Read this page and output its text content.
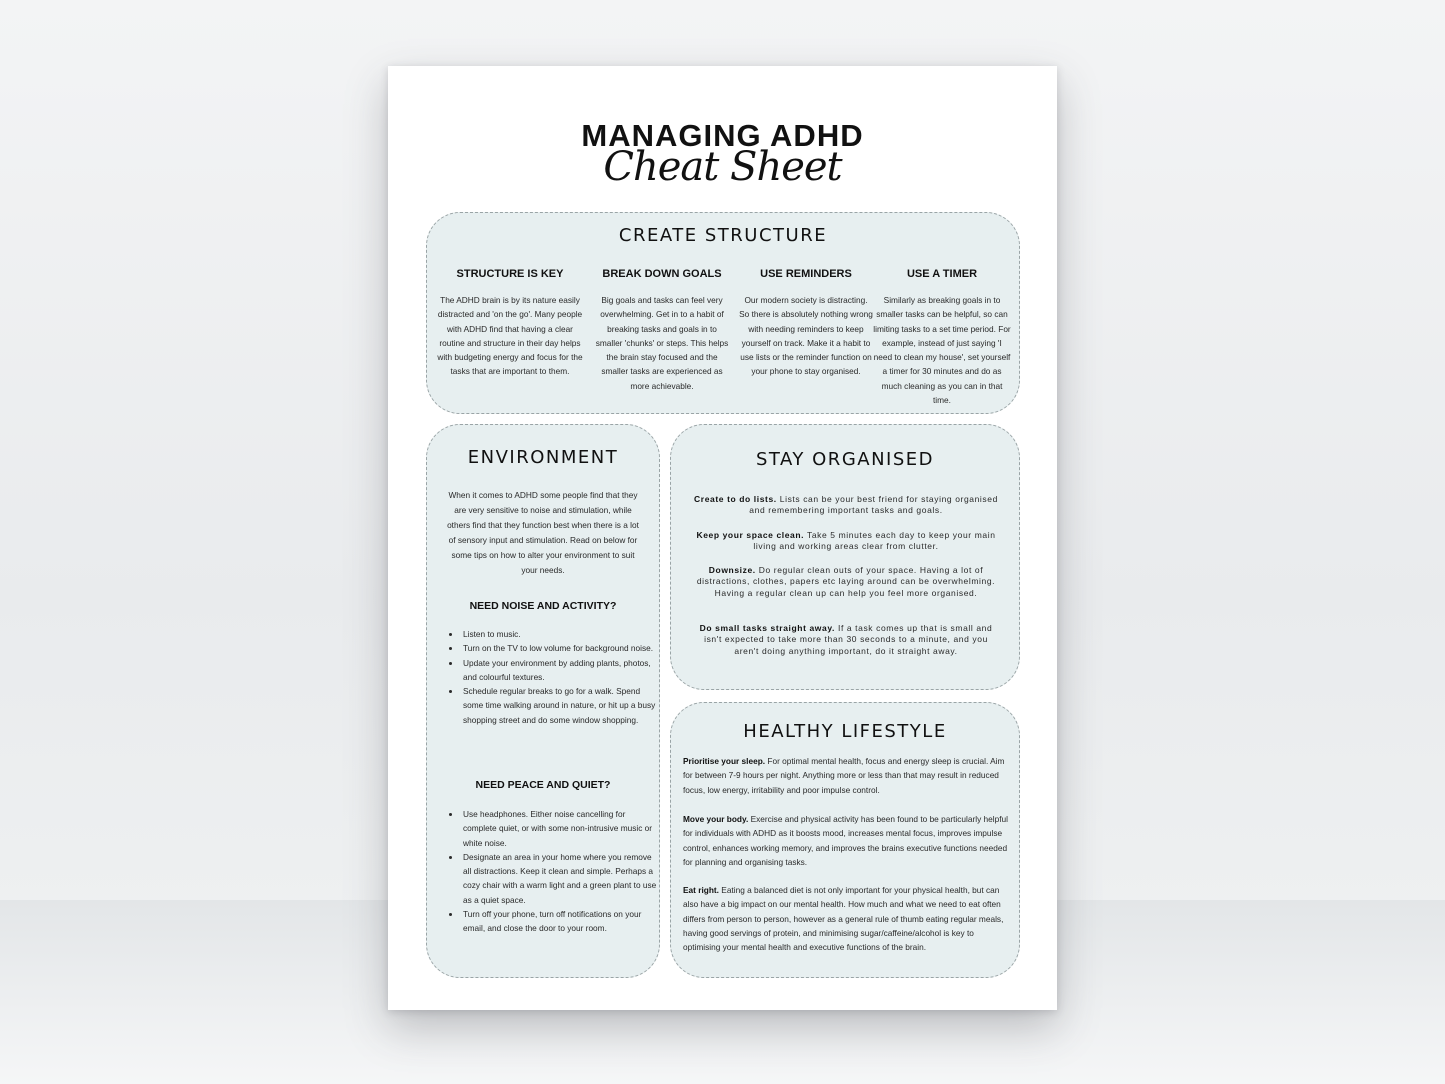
MANAGING ADHD
Cheat Sheet
CREATE STRUCTURE
STRUCTURE IS KEY
The ADHD brain is by its nature easily distracted and 'on the go'. Many people with ADHD find that having a clear routine and structure in their day helps with budgeting energy and focus for the tasks that are important to them.
BREAK DOWN GOALS
Big goals and tasks can feel very overwhelming. Get in to a habit of breaking tasks and goals in to smaller 'chunks' or steps. This helps the brain stay focused and the smaller tasks are experienced as more achievable.
USE REMINDERS
Our modern society is distracting. So there is absolutely nothing wrong with needing reminders to keep yourself on track. Make it a habit to use lists or the reminder function on your phone to stay organised.
USE A TIMER
Similarly as breaking goals in to smaller tasks can be helpful, so can limiting tasks to a set time period. For example, instead of just saying 'I need to clean my house', set yourself a timer for 30 minutes and do as much cleaning as you can in that time.
ENVIRONMENT
When it comes to ADHD some people find that they are very sensitive to noise and stimulation, while others find that they function best when there is a lot of sensory input and stimulation. Read on below for some tips on how to alter your environment to suit your needs.
NEED NOISE AND ACTIVITY?
• Listen to music.
• Turn on the TV to low volume for background noise.
• Update your environment by adding plants, photos, and colourful textures.
• Schedule regular breaks to go for a walk. Spend some time walking around in nature, or hit up a busy shopping street and do some window shopping.
NEED PEACE AND QUIET?
• Use headphones. Either noise cancelling for complete quiet, or with some non-intrusive music or white noise.
• Designate an area in your home where you remove all distractions. Keep it clean and simple. Perhaps a cozy chair with a warm light and a green plant to use as a quiet space.
• Turn off your phone, turn off notifications on your email, and close the door to your room.
STAY ORGANISED
Create to do lists. Lists can be your best friend for staying organised and remembering important tasks and goals.
Keep your space clean. Take 5 minutes each day to keep your main living and working areas clear from clutter.
Downsize. Do regular clean outs of your space. Having a lot of distractions, clothes, papers etc laying around can be overwhelming. Having a regular clean up can help you feel more organised.
Do small tasks straight away. If a task comes up that is small and isn't expected to take more than 30 seconds to a minute, and you aren't doing anything important, do it straight away.
HEALTHY LIFESTYLE
Prioritise your sleep. For optimal mental health, focus and energy sleep is crucial. Aim for between 7-9 hours per night. Anything more or less than that may result in reduced focus, low energy, irritability and poor impulse control.
Move your body. Exercise and physical activity has been found to be particularly helpful for individuals with ADHD as it boosts mood, increases mental focus, improves impulse control, enhances working memory, and improves the brains executive functions needed for planning and organising tasks.
Eat right. Eating a balanced diet is not only important for your physical health, but can also have a big impact on our mental health. How much and what we need to eat often differs from person to person, however as a general rule of thumb eating regular meals, having good servings of protein, and minimising sugar/caffeine/alcohol is key to optimising your mental health and executive functions of the brain.
